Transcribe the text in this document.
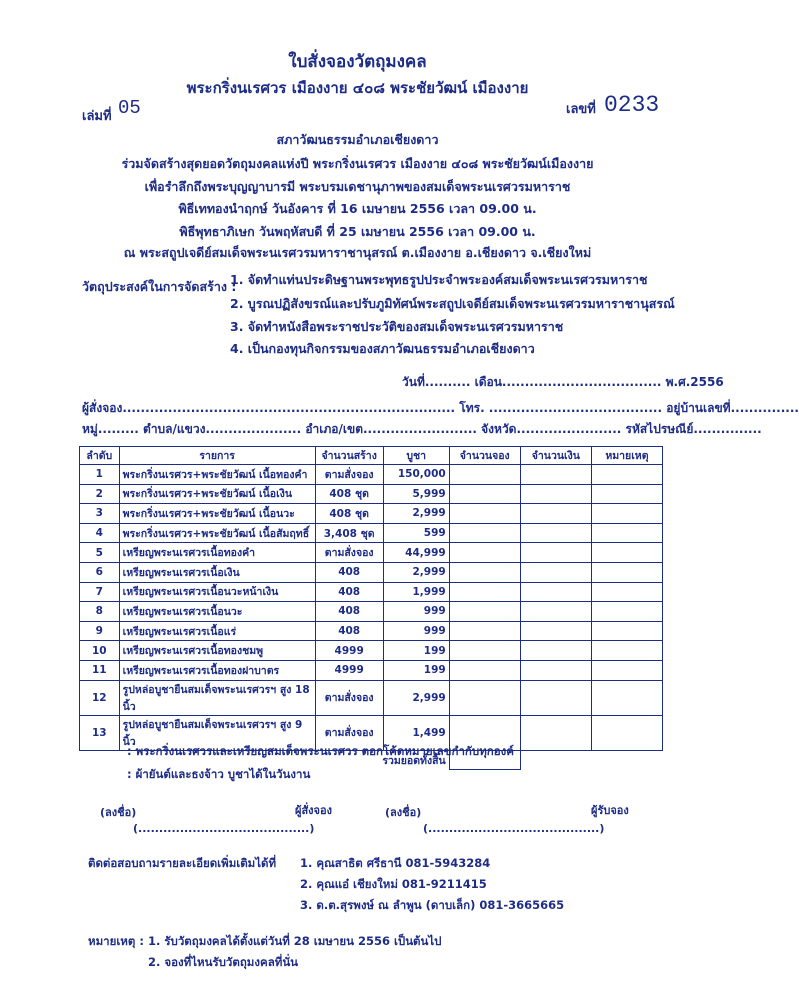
ใบสั่งจองวัตถุมงคล
พระกริ่งนเรศวร เมืองงาย ๔๐๘ พระชัยวัฒน์ เมืองงาย
เล่มที่ 05	เลขที่ 0233
สภาวัฒนธรรมอำเภอเชียงดาว
ร่วมจัดสร้างสุดยอดวัตถุมงคลแห่งปี พระกริ่งนเรศวร เมืองงาย ๔๐๘ พระชัยวัฒน์เมืองงาย
เพื่อรำลึกถึงพระบุญญาบารมี พระบรมเดชานุภาพของสมเด็จพระนเรศวรมหาราช
พิธีเททองนำฤกษ์ วันอังคาร ที่ 16 เมษายน 2556 เวลา 09.00 น.
พิธีพุทธาภิเษก วันพฤหัสบดี ที่ 25 เมษายน 2556 เวลา 09.00 น.
ณ พระสถูปเจดีย์สมเด็จพระนเรศวรมหาราชานุสรณ์ ต.เมืองงาย อ.เชียงดาว จ.เชียงใหม่
วัตถุประสงค์ในการจัดสร้าง :
1. จัดทำแท่นประดิษฐานพระพุทธรูปประจำพระองค์สมเด็จพระนเรศวรมหาราช
2. บูรณปฏิสังขรณ์และปรับภูมิทัศน์พระสถูปเจดีย์สมเด็จพระนเรศวรมหาราชานุสรณ์
3. จัดทำหนังสือพระราชประวัติของสมเด็จพระนเรศวรมหาราช
4. เป็นกองทุนกิจกรรมของสภาวัฒนธรรมอำเภอเชียงดาว
วันที่.......... เดือน................................... พ.ศ.2556
ผู้สั่งจอง......................................................................... โทร. ...................................... อยู่บ้านเลขที่...............
หมู่......... ตำบล/แขวง..................... อำเภอ/เขต......................... จังหวัด....................... รหัสไปรษณีย์...............
ลำดับ	รายการ	จำนวนสร้าง	บูชา	จำนวนจอง	จำนวนเงิน	หมายเหตุ
1	พระกริ่งนเรศวร+พระชัยวัฒน์ เนื้อทองคำ	ตามสั่งจอง	150,000			
2	พระกริ่งนเรศวร+พระชัยวัฒน์ เนื้อเงิน	408 ชุด	5,999			
3	พระกริ่งนเรศวร+พระชัยวัฒน์ เนื้อนวะ	408 ชุด	2,999			
4	พระกริ่งนเรศวร+พระชัยวัฒน์ เนื้อสัมฤทธิ์	3,408 ชุด	599			
5	เหรียญพระนเรศวรเนื้อทองคำ	ตามสั่งจอง	44,999			
6	เหรียญพระนเรศวรเนื้อเงิน	408	2,999			
7	เหรียญพระนเรศวรเนื้อนวะหน้าเงิน	408	1,999			
8	เหรียญพระนเรศวรเนื้อนวะ	408	999			
9	เหรียญพระนเรศวรเนื้อแร่	408	999			
10	เหรียญพระนเรศวรเนื้อทองชมพู	4999	199			
11	เหรียญพระนเรศวรเนื้อทองฝาบาตร	4999	199			
12	รูปหล่อบูชายืนสมเด็จพระนเรศวรฯ สูง 18 นิ้ว	ตามสั่งจอง	2,999			
13	รูปหล่อบูชายืนสมเด็จพระนเรศวรฯ สูง 9 นิ้ว	ตามสั่งจอง	1,499			
		รวมยอดทั้งสิ้น				
: พระกริ่งนเรศวรและเหรียญสมเด็จพระนเรศวร ตอกโค้ดหมายเลขกำกับทุกองค์
: ผ้ายันต์และธงจ้าว บูชาได้ในวันงาน
(ลงชื่อ)	ผู้สั่งจอง
(.........................................)
(ลงชื่อ)	ผู้รับจอง
(.........................................)
ติดต่อสอบถามรายละเอียดเพิ่มเติมได้ที่ 1. คุณสาธิต ศรีธานี 081-5943284
2. คุณแอ๋ เชียงใหม่ 081-9211415
3. ด.ต.สุรพงษ์ ณ ลำพูน (ดาบเล็ก) 081-3665665
หมายเหตุ : 1. รับวัตถุมงคลได้ตั้งแต่วันที่ 28 เมษายน 2556 เป็นต้นไป
2. จองที่ไหนรับวัตถุมงคลที่นั่น
